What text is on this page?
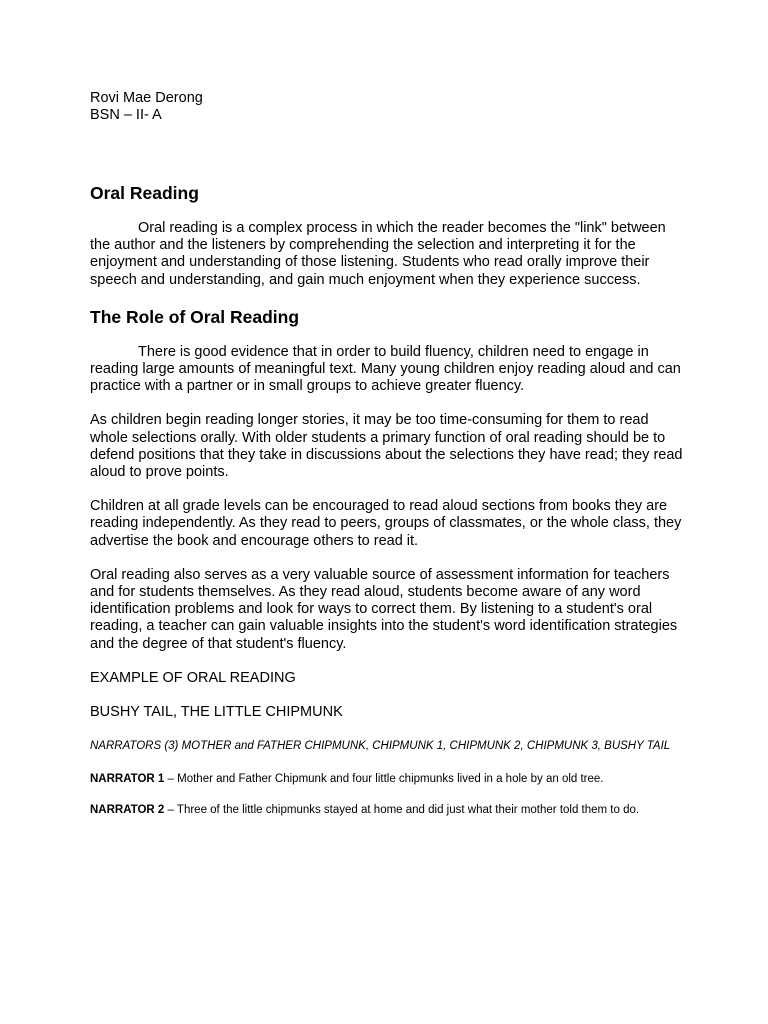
Rovi Mae Derong

BSN – II- A

Oral Reading

Oral reading is a complex process in which the reader becomes the "link" between the author and the listeners by comprehending the selection and interpreting it for the enjoyment and understanding of those listening. Students who read orally improve their speech and understanding, and gain much enjoyment when they experience success.

The Role of Oral Reading

There is good evidence that in order to build fluency, children need to engage in reading large amounts of meaningful text. Many young children enjoy reading aloud and can practice with a partner or in small groups to achieve greater fluency.

As children begin reading longer stories, it may be too time-consuming for them to read whole selections orally. With older students a primary function of oral reading should be to defend positions that they take in discussions about the selections they have read; they read aloud to prove points.

Children at all grade levels can be encouraged to read aloud sections from books they are reading independently. As they read to peers, groups of classmates, or the whole class, they advertise the book and encourage others to read it.

Oral reading also serves as a very valuable source of assessment information for teachers and for students themselves. As they read aloud, students become aware of any word identification problems and look for ways to correct them. By listening to a student's oral reading, a teacher can gain valuable insights into the student's word identification strategies and the degree of that student's fluency.

EXAMPLE OF ORAL READING

BUSHY TAIL, THE LITTLE CHIPMUNK

NARRATORS (3) MOTHER and FATHER CHIPMUNK, CHIPMUNK 1, CHIPMUNK 2, CHIPMUNK 3, BUSHY TAIL

NARRATOR 1 – Mother and Father Chipmunk and four little chipmunks lived in a hole by an old tree.

NARRATOR 2 – Three of the little chipmunks stayed at home and did just what their mother told them to do.
